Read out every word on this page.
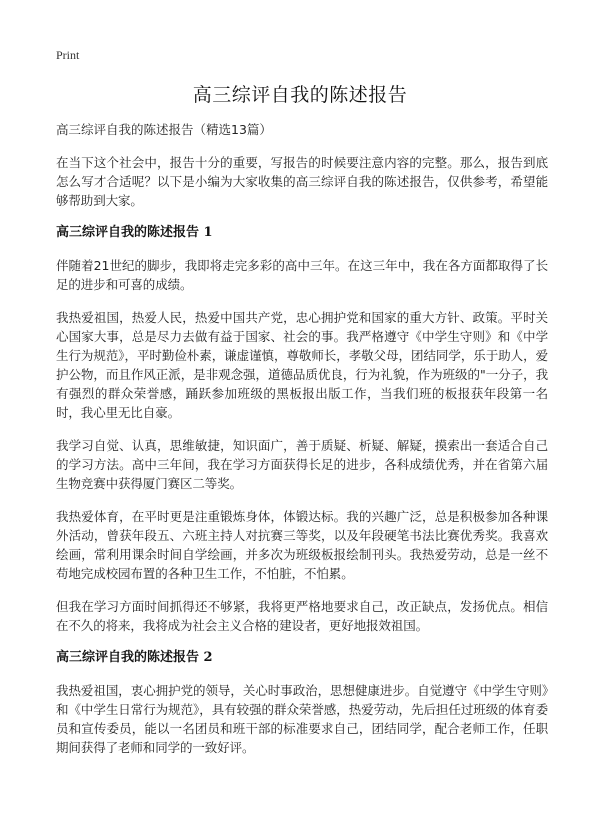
Print
高三综评自我的陈述报告
高三综评自我的陈述报告（精选13篇）

在当下这个社会中，报告十分的重要，写报告的时候要注意内容的完整。那么，报告到底怎么写才合适呢？以下是小编为大家收集的高三综评自我的陈述报告，仅供参考，希望能够帮助到大家。

高三综评自我的陈述报告 1

伴随着21世纪的脚步，我即将走完多彩的高中三年。在这三年中，我在各方面都取得了长足的进步和可喜的成绩。

我热爱祖国，热爱人民，热爱中国共产党，忠心拥护党和国家的重大方针、政策。平时关心国家大事，总是尽力去做有益于国家、社会的事。我严格遵守《中学生守则》和《中学生行为规范》，平时勤俭朴素，谦虚谨慎，尊敬师长，孝敬父母，团结同学，乐于助人，爱护公物，而且作风正派，是非观念强，道德品质优良，行为礼貌，作为班级的"一分子，我有强烈的群众荣誉感，踊跃参加班级的黑板报出版工作，当我们班的板报获年段第一名时，我心里无比自豪。

我学习自觉、认真，思维敏捷，知识面广，善于质疑、析疑、解疑，摸索出一套适合自己的学习方法。高中三年间，我在学习方面获得长足的进步，各科成绩优秀，并在省第六届生物竞赛中获得厦门赛区二等奖。

我热爱体育，在平时更是注重锻炼身体，体锻达标。我的兴趣广泛，总是积极参加各种课外活动，曾获年段五、六班主持人对抗赛三等奖，以及年段硬笔书法比赛优秀奖。我喜欢绘画，常利用课余时间自学绘画，并多次为班级板报绘制刊头。我热爱劳动，总是一丝不苟地完成校园布置的各种卫生工作，不怕脏，不怕累。

但我在学习方面时间抓得还不够紧，我将更严格地要求自己，改正缺点，发扬优点。相信在不久的将来，我将成为社会主义合格的建设者，更好地报效祖国。

高三综评自我的陈述报告 2

我热爱祖国，衷心拥护党的领导，关心时事政治，思想健康进步。自觉遵守《中学生守则》和《中学生日常行为规范》，具有较强的群众荣誉感，热爱劳动，先后担任过班级的体育委员和宣传委员，能以一名团员和班干部的标准要求自己，团结同学，配合老师工作，任职期间获得了老师和同学的一致好评。
